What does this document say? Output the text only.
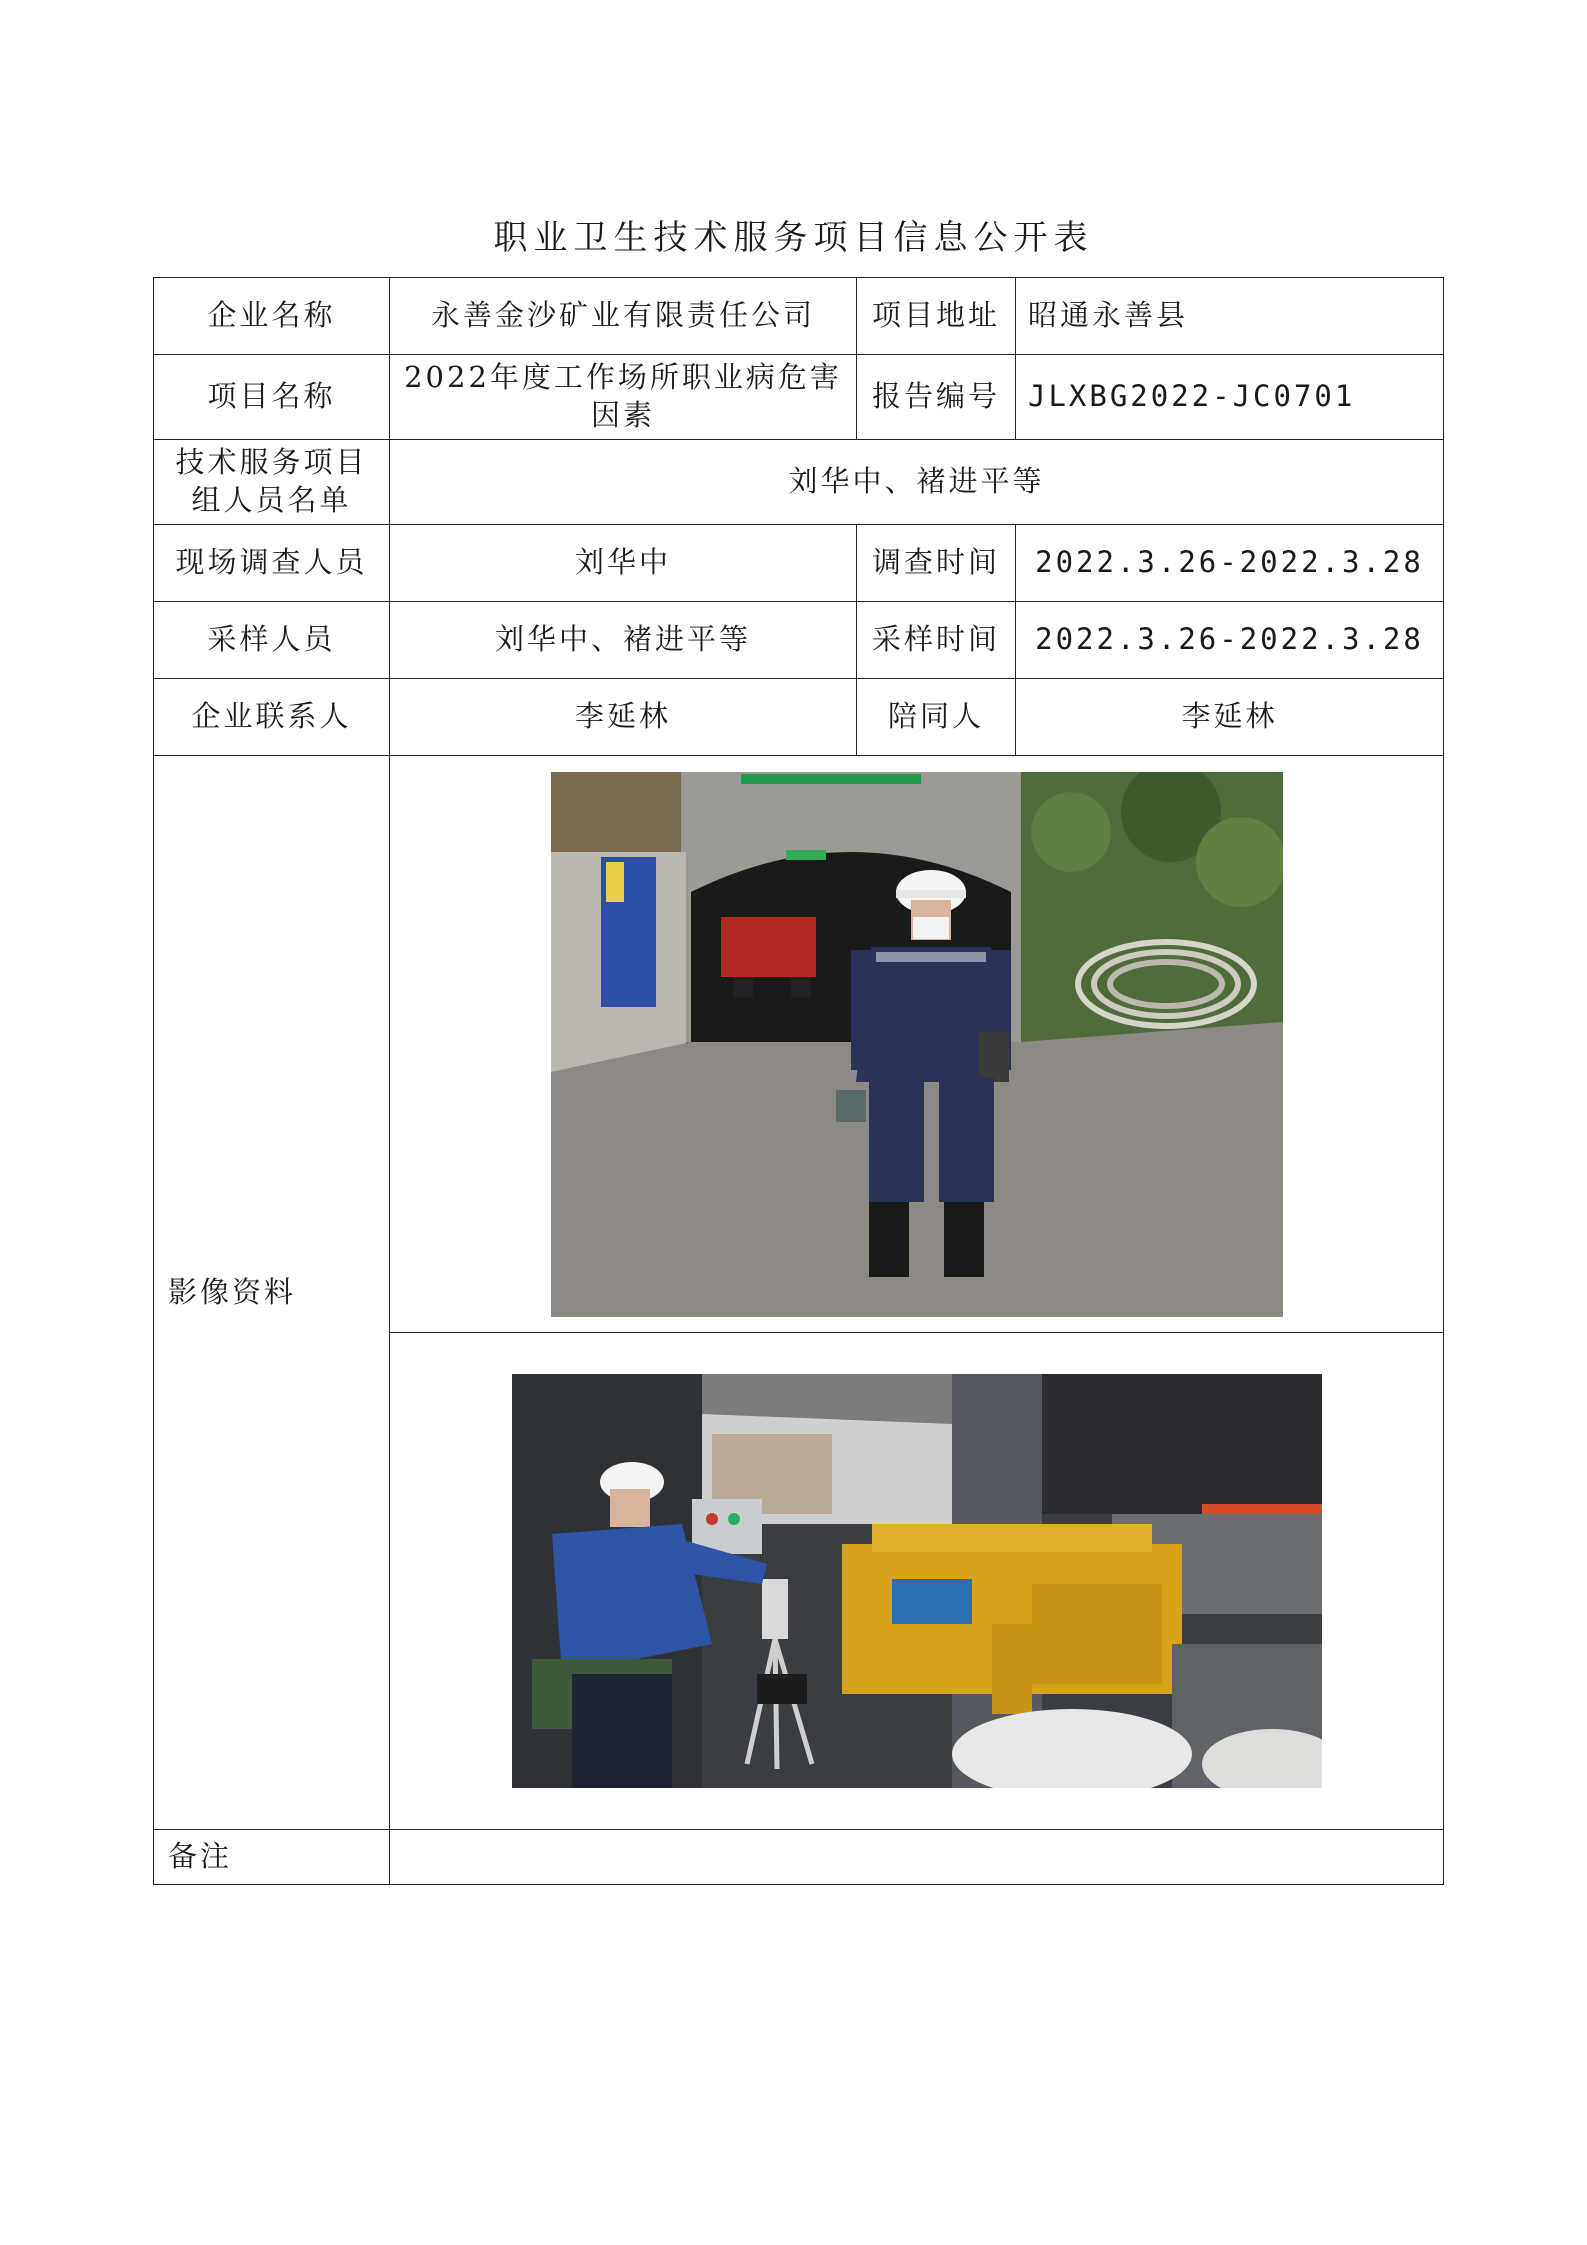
职业卫生技术服务项目信息公开表
企业名称	永善金沙矿业有限责任公司	项目地址	昭通永善县
项目名称	2022年度工作场所职业病危害因素	报告编号	JLXBG2022-JC0701
技术服务项目组人员名单	刘华中、褚进平等		
现场调查人员	刘华中	调查时间	2022.3.26-2022.3.28
采样人员	刘华中、褚进平等	采样时间	2022.3.26-2022.3.28
企业联系人	李延林	陪同人	李延林
影像资料	

备注			
